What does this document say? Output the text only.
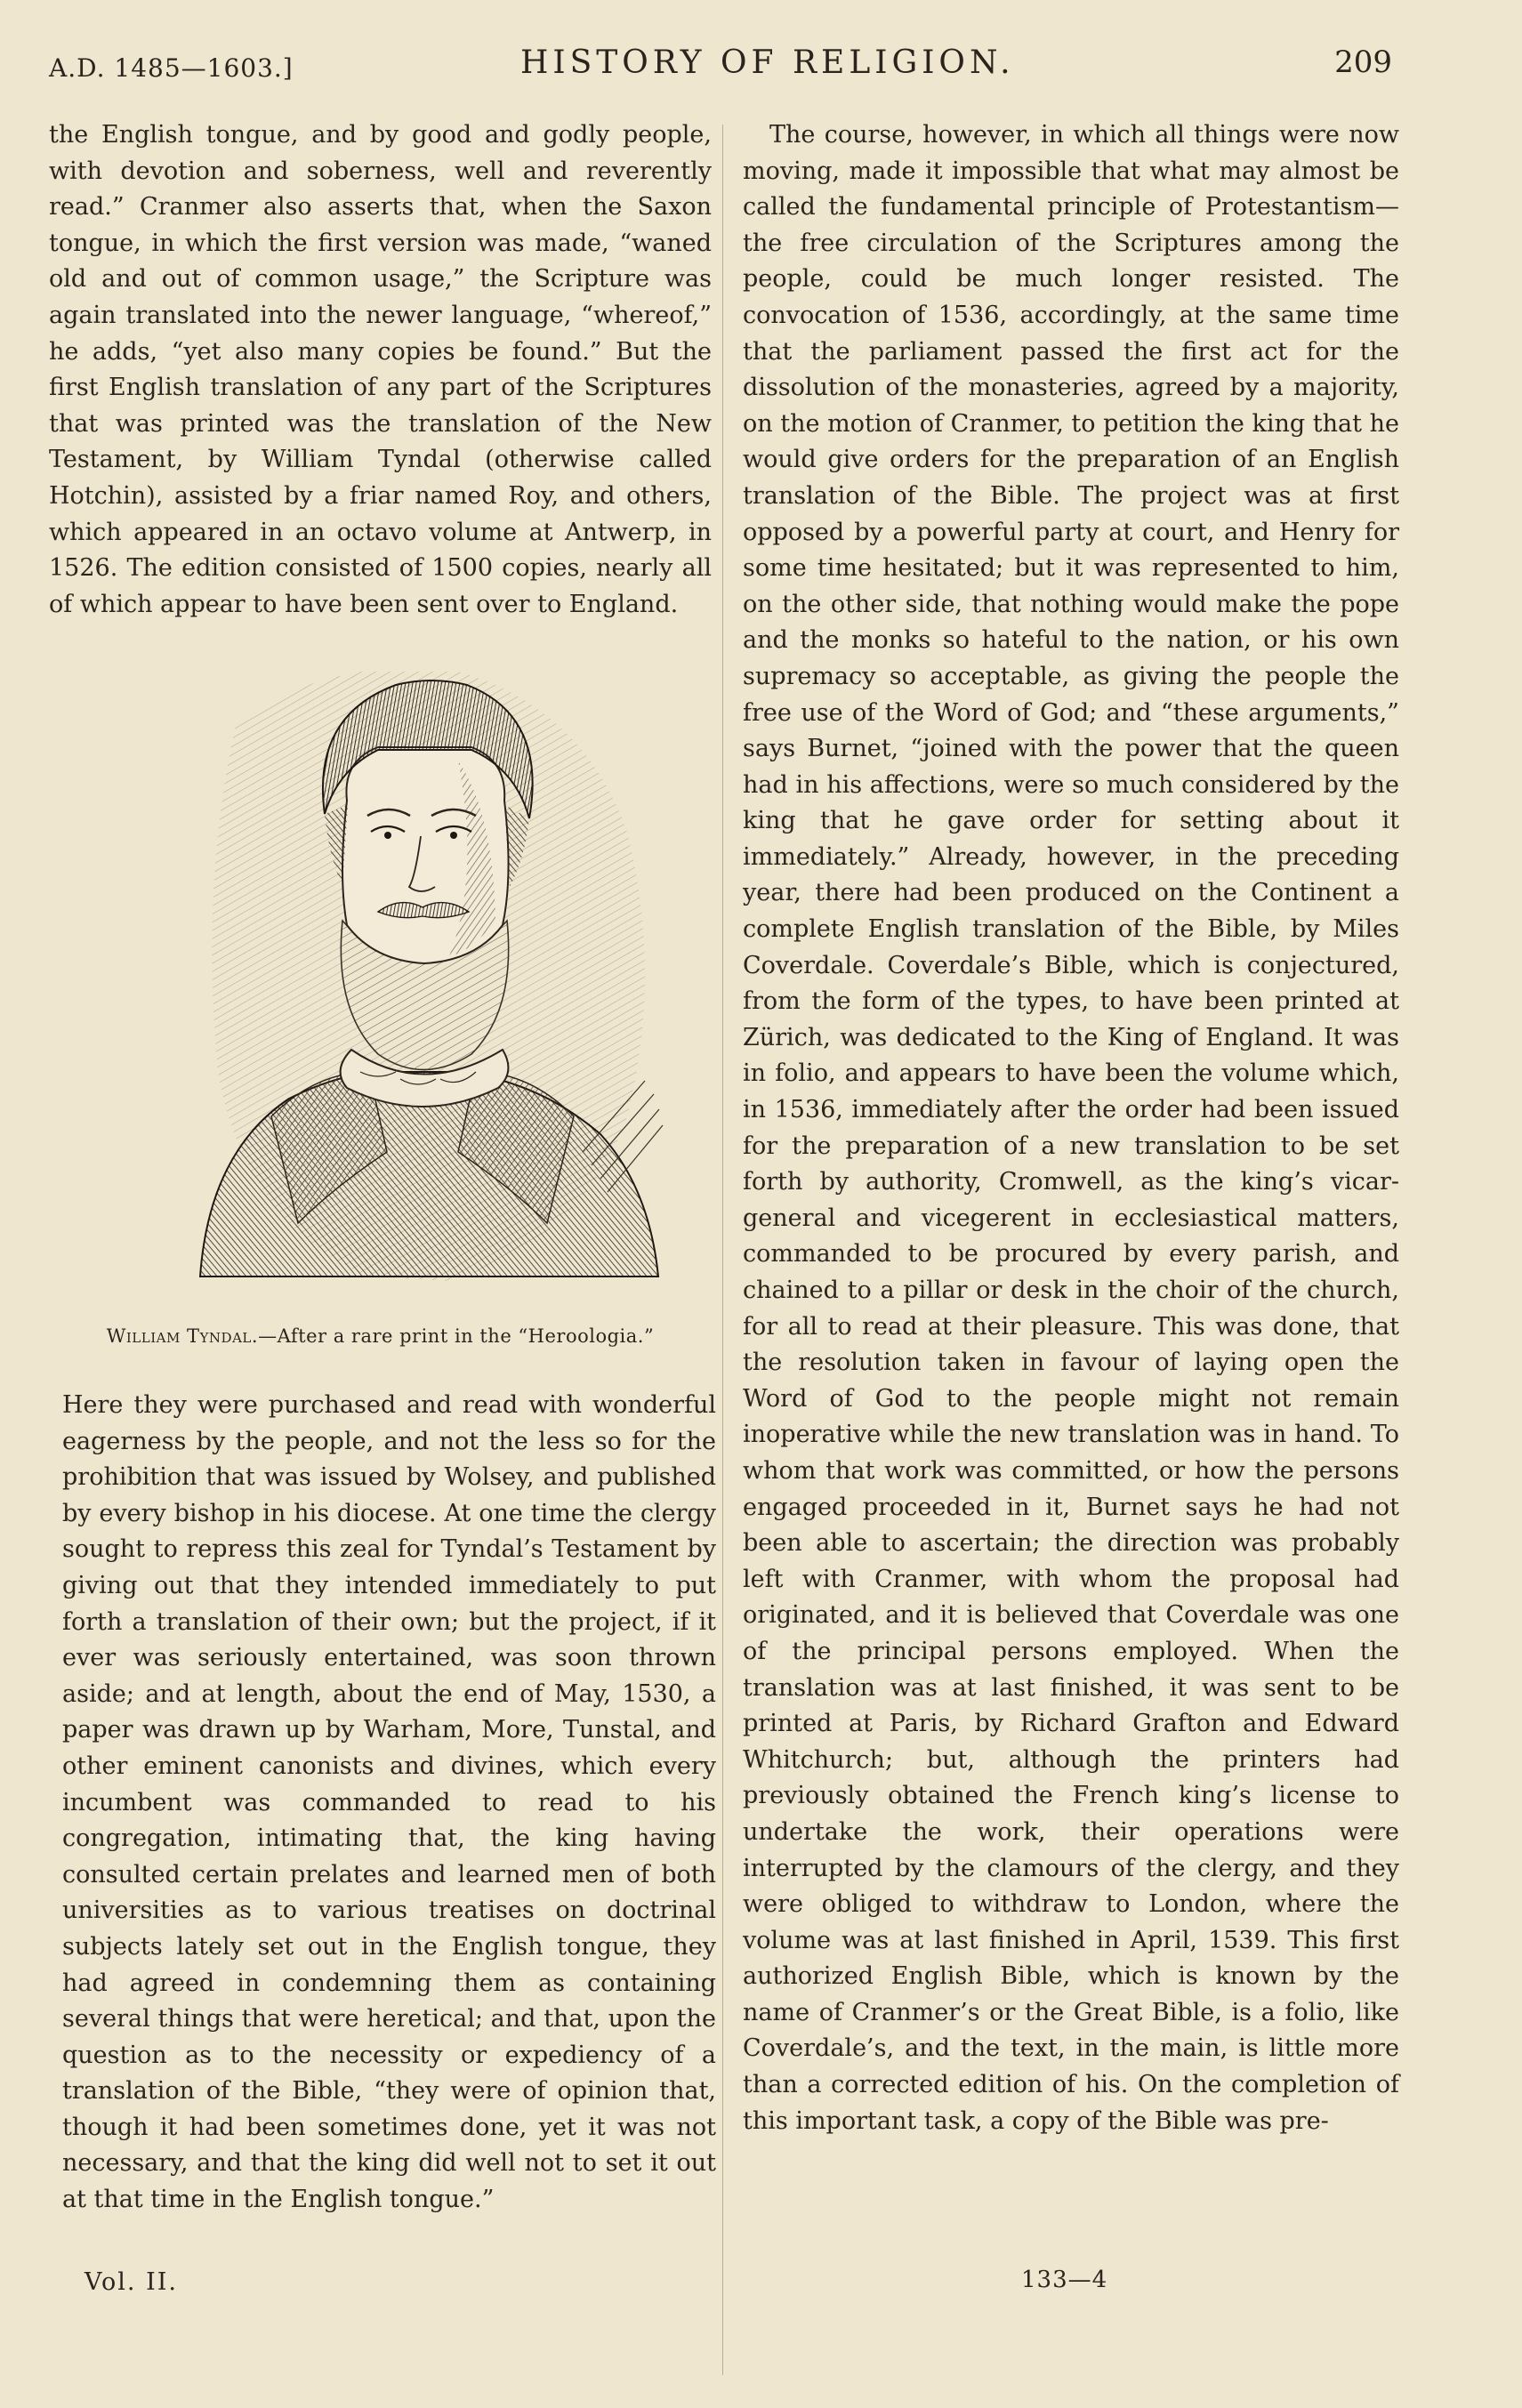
A.D. 1485—1603.]	HISTORY OF RELIGION.	209

the English tongue, and by good and godly people, with devotion and soberness, well and reverently read.” Cranmer also asserts that, when the Saxon tongue, in which the first version was made, “waned old and out of common usage,” the Scripture was again translated into the newer language, “whereof,” he adds, “yet also many copies be found.” But the first English translation of any part of the Scriptures that was printed was the translation of the New Testament, by William Tyndal (otherwise called Hotchin), assisted by a friar named Roy, and others, which appeared in an octavo volume at Antwerp, in 1526. The edition consisted of 1500 copies, nearly all of which appear to have been sent over to England.

William Tyndal.—After a rare print in the “Heroologia.”

Here they were purchased and read with wonderful eagerness by the people, and not the less so for the prohibition that was issued by Wolsey, and published by every bishop in his diocese. At one time the clergy sought to repress this zeal for Tyndal’s Testament by giving out that they intended immediately to put forth a translation of their own; but the project, if it ever was seriously entertained, was soon thrown aside; and at length, about the end of May, 1530, a paper was drawn up by Warham, More, Tunstal, and other eminent canonists and divines, which every incumbent was commanded to read to his congregation, intimating that, the king having consulted certain prelates and learned men of both universities as to various treatises on doctrinal subjects lately set out in the English tongue, they had agreed in condemning them as containing several things that were heretical; and that, upon the question as to the necessity or expediency of a translation of the Bible, “they were of opinion that, though it had been sometimes done, yet it was not necessary, and that the king did well not to set it out at that time in the English tongue.”

The course, however, in which all things were now moving, made it impossible that what may almost be called the fundamental principle of Protestantism—the free circulation of the Scriptures among the people, could be much longer resisted. The convocation of 1536, accordingly, at the same time that the parliament passed the first act for the dissolution of the monasteries, agreed by a majority, on the motion of Cranmer, to petition the king that he would give orders for the preparation of an English translation of the Bible. The project was at first opposed by a powerful party at court, and Henry for some time hesitated; but it was represented to him, on the other side, that nothing would make the pope and the monks so hateful to the nation, or his own supremacy so acceptable, as giving the people the free use of the Word of God; and “these arguments,” says Burnet, “joined with the power that the queen had in his affections, were so much considered by the king that he gave order for setting about it immediately.” Already, however, in the preceding year, there had been produced on the Continent a complete English translation of the Bible, by Miles Coverdale. Coverdale’s Bible, which is conjectured, from the form of the types, to have been printed at Zürich, was dedicated to the King of England. It was in folio, and appears to have been the volume which, in 1536, immediately after the order had been issued for the preparation of a new translation to be set forth by authority, Cromwell, as the king’s vicar-general and vicegerent in ecclesiastical matters, commanded to be procured by every parish, and chained to a pillar or desk in the choir of the church, for all to read at their pleasure. This was done, that the resolution taken in favour of laying open the Word of God to the people might not remain inoperative while the new translation was in hand. To whom that work was committed, or how the persons engaged proceeded in it, Burnet says he had not been able to ascertain; the direction was probably left with Cranmer, with whom the proposal had originated, and it is believed that Coverdale was one of the principal persons employed. When the translation was at last finished, it was sent to be printed at Paris, by Richard Grafton and Edward Whitchurch; but, although the printers had previously obtained the French king’s license to undertake the work, their operations were interrupted by the clamours of the clergy, and they were obliged to withdraw to London, where the volume was at last finished in April, 1539. This first authorized English Bible, which is known by the name of Cranmer’s or the Great Bible, is a folio, like Coverdale’s, and the text, in the main, is little more than a corrected edition of his. On the completion of this important task, a copy of the Bible was pre-

Vol. II.	133—4
